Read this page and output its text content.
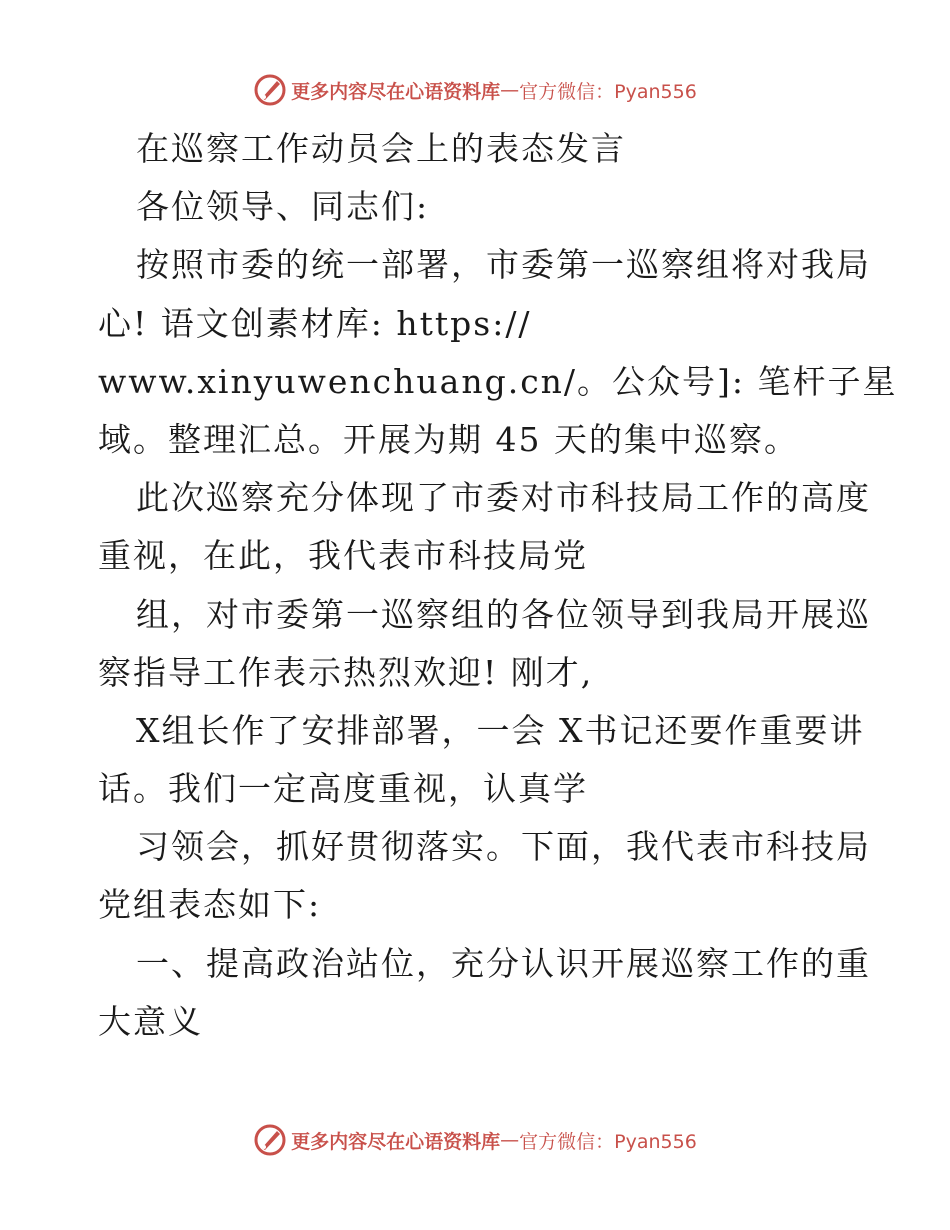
更多内容尽在心语资料库 — 官方微信：Pyan556
在巡察工作动员会上的表态发言
各位领导、同志们:
按照市委的统一部署，市委第一巡察组将对我局
心! 语文创素材库: https://
www.xinyuwenchuang.cn/。公众号]: 笔杆子星
域。整理汇总。开展为期 45 天的集中巡察。
此次巡察充分体现了市委对市科技局工作的高度
重视，在此，我代表市科技局党
组，对市委第一巡察组的各位领导到我局开展巡
察指导工作表示热烈欢迎! 刚才,
X组长作了安排部署，一会 X书记还要作重要讲
话。我们一定高度重视，认真学
习领会，抓好贯彻落实。下面，我代表市科技局
党组表态如下:
一、提高政治站位，充分认识开展巡察工作的重
大意义
更多内容尽在心语资料库 — 官方微信：Pyan556
